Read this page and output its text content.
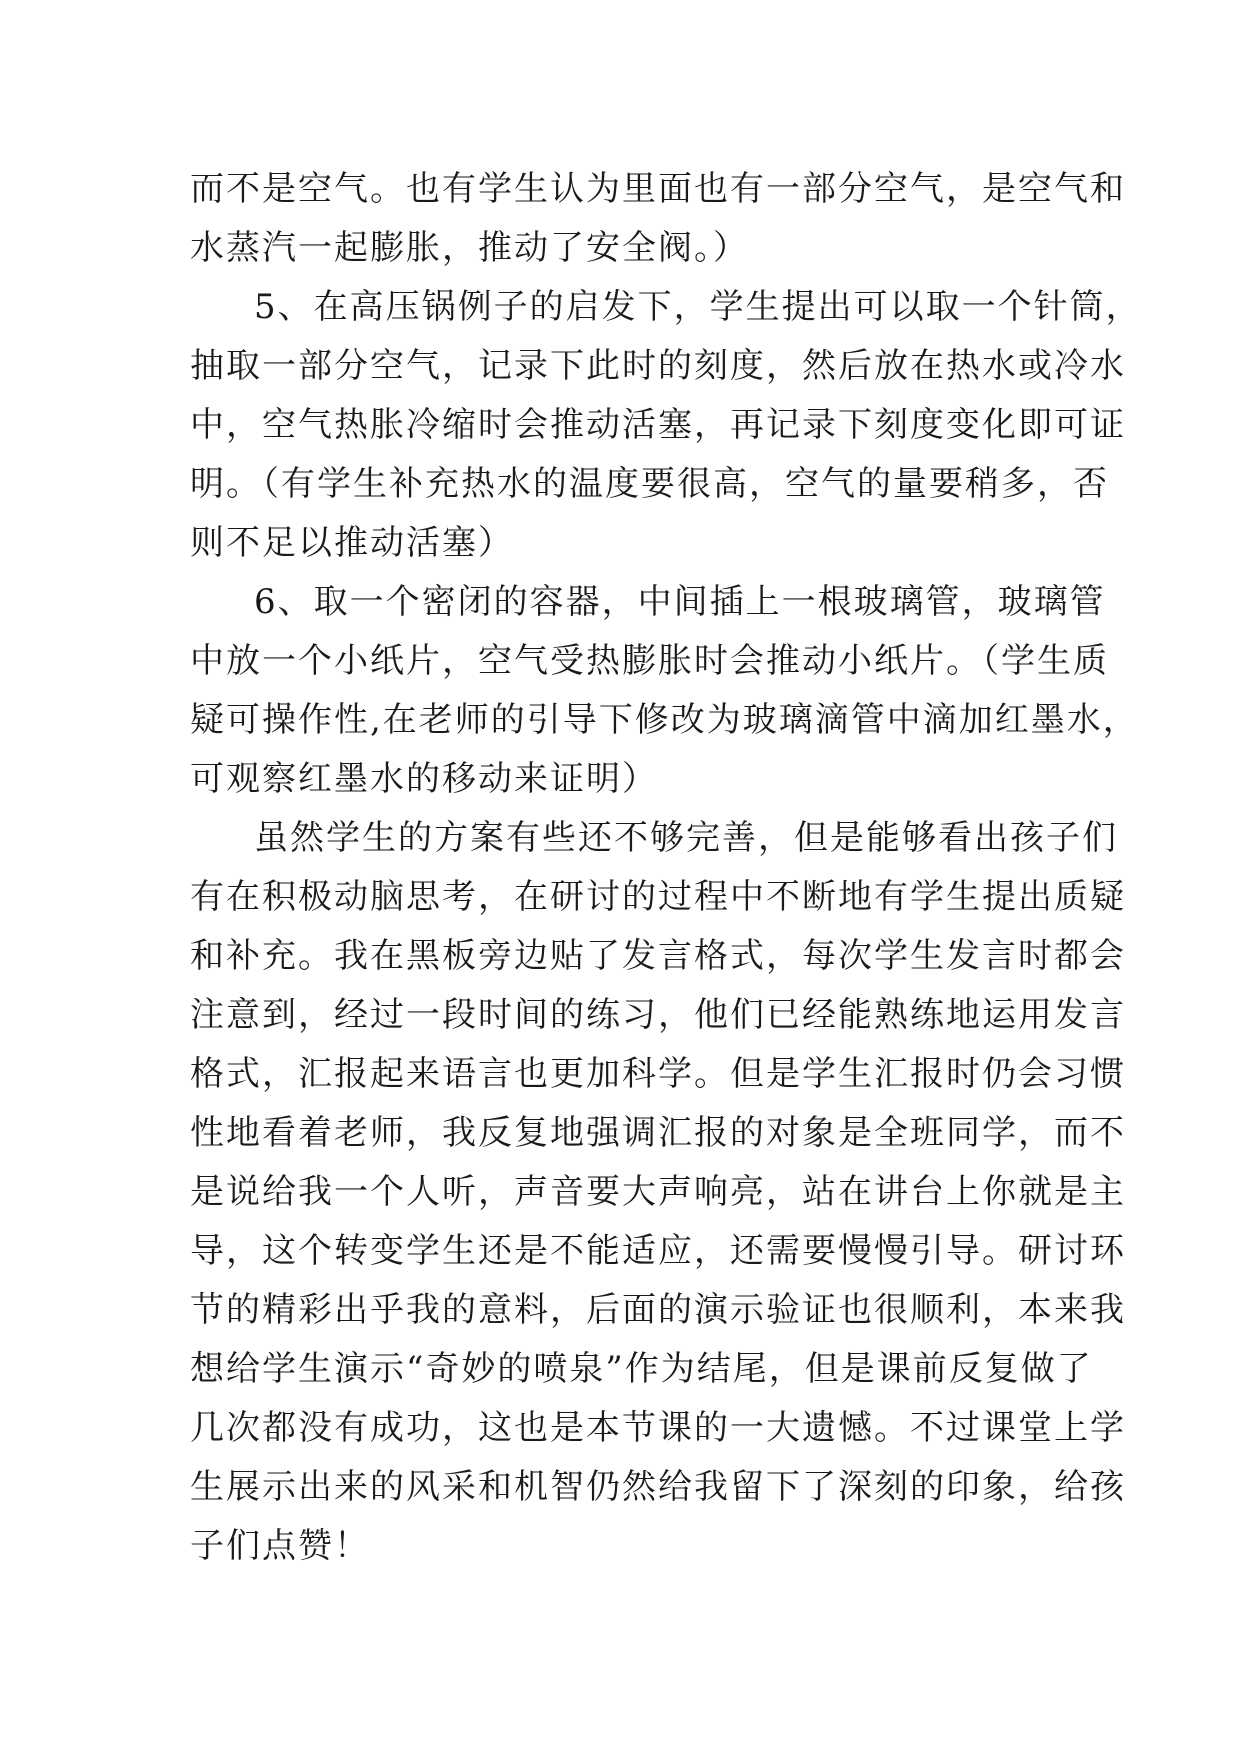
而不是空气。也有学生认为里面也有一部分空气，是空气和
水蒸汽一起膨胀，推动了安全阀。）
5、在高压锅例子的启发下，学生提出可以取一个针筒，
抽取一部分空气，记录下此时的刻度，然后放在热水或冷水
中，空气热胀冷缩时会推动活塞，再记录下刻度变化即可证
明。（有学生补充热水的温度要很高，空气的量要稍多，否
则不足以推动活塞）
6、取一个密闭的容器，中间插上一根玻璃管，玻璃管
中放一个小纸片，空气受热膨胀时会推动小纸片。（学生质
疑可操作性,在老师的引导下修改为玻璃滴管中滴加红墨水，
可观察红墨水的移动来证明）
虽然学生的方案有些还不够完善，但是能够看出孩子们
有在积极动脑思考，在研讨的过程中不断地有学生提出质疑
和补充。我在黑板旁边贴了发言格式，每次学生发言时都会
注意到，经过一段时间的练习，他们已经能熟练地运用发言
格式，汇报起来语言也更加科学。但是学生汇报时仍会习惯
性地看着老师，我反复地强调汇报的对象是全班同学，而不
是说给我一个人听，声音要大声响亮，站在讲台上你就是主
导，这个转变学生还是不能适应，还需要慢慢引导。研讨环
节的精彩出乎我的意料，后面的演示验证也很顺利，本来我
想给学生演示“奇妙的喷泉”作为结尾，但是课前反复做了
几次都没有成功，这也是本节课的一大遗憾。不过课堂上学
生展示出来的风采和机智仍然给我留下了深刻的印象，给孩
子们点赞！
